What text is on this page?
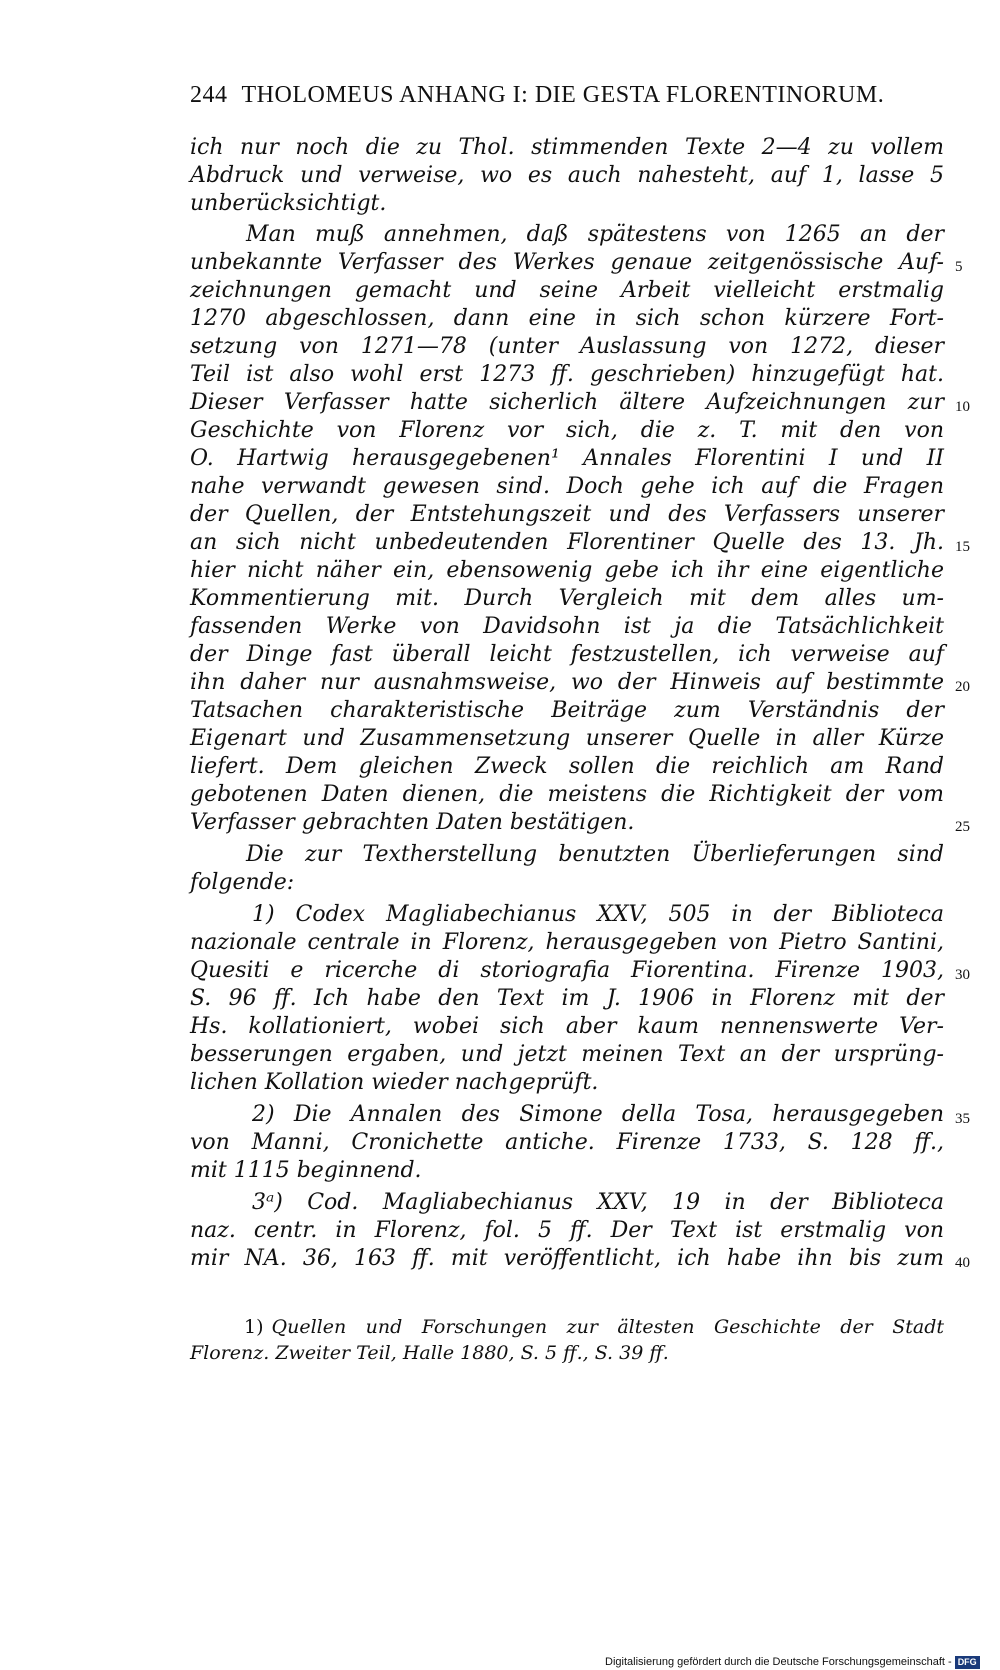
244 THOLOMEUS ANHANG I: DIE GESTA FLORENTINORUM.
ich nur noch die zu Thol. stimmenden Texte 2—4 zu vollem
Abdruck und verweise, wo es auch nahesteht, auf 1, lasse 5
unberücksichtigt.
Man muß annehmen, daß spätestens von 1265 an der
unbekannte Verfasser des Werkes genaue zeitgenössische Auf-
zeichnungen gemacht und seine Arbeit vielleicht erstmalig
1270 abgeschlossen, dann eine in sich schon kürzere Fort-
setzung von 1271—78 (unter Auslassung von 1272, dieser
Teil ist also wohl erst 1273 ff. geschrieben) hinzugefügt hat.
Dieser Verfasser hatte sicherlich ältere Aufzeichnungen zur
Geschichte von Florenz vor sich, die z. T. mit den von
O. Hartwig herausgegebenen¹ Annales Florentini I und II
nahe verwandt gewesen sind. Doch gehe ich auf die Fragen
der Quellen, der Entstehungszeit und des Verfassers unserer
an sich nicht unbedeutenden Florentiner Quelle des 13. Jh.
hier nicht näher ein, ebensowenig gebe ich ihr eine eigentliche
Kommentierung mit. Durch Vergleich mit dem alles um-
fassenden Werke von Davidsohn ist ja die Tatsächlichkeit
der Dinge fast überall leicht festzustellen, ich verweise auf
ihn daher nur ausnahmsweise, wo der Hinweis auf bestimmte
Tatsachen charakteristische Beiträge zum Verständnis der
Eigenart und Zusammensetzung unserer Quelle in aller Kürze
liefert. Dem gleichen Zweck sollen die reichlich am Rand
gebotenen Daten dienen, die meistens die Richtigkeit der vom
Verfasser gebrachten Daten bestätigen.
Die zur Textherstellung benutzten Überlieferungen sind
folgende:
1) Codex Magliabechianus XXV, 505 in der Biblioteca
nazionale centrale in Florenz, herausgegeben von Pietro Santini,
Quesiti e ricerche di storiografia Fiorentina. Firenze 1903,
S. 96 ff. Ich habe den Text im J. 1906 in Florenz mit der
Hs. kollationiert, wobei sich aber kaum nennenswerte Ver-
besserungen ergaben, und jetzt meinen Text an der ursprüng-
lichen Kollation wieder nachgeprüft.
2) Die Annalen des Simone della Tosa, herausgegeben
von Manni, Cronichette antiche. Firenze 1733, S. 128 ff.,
mit 1115 beginnend.
3ᵃ) Cod. Magliabechianus XXV, 19 in der Biblioteca
naz. centr. in Florenz, fol. 5 ff. Der Text ist erstmalig von
mir NA. 36, 163 ff. mit veröffentlicht, ich habe ihn bis zum
5
10
15
20
25
30
35
40
1) Quellen und Forschungen zur ältesten Geschichte der Stadt
Florenz. Zweiter Teil, Halle 1880, S. 5 ff., S. 39 ff.
Digitalisierung gefördert durch die Deutsche Forschungsgemeinschaft - DFG
